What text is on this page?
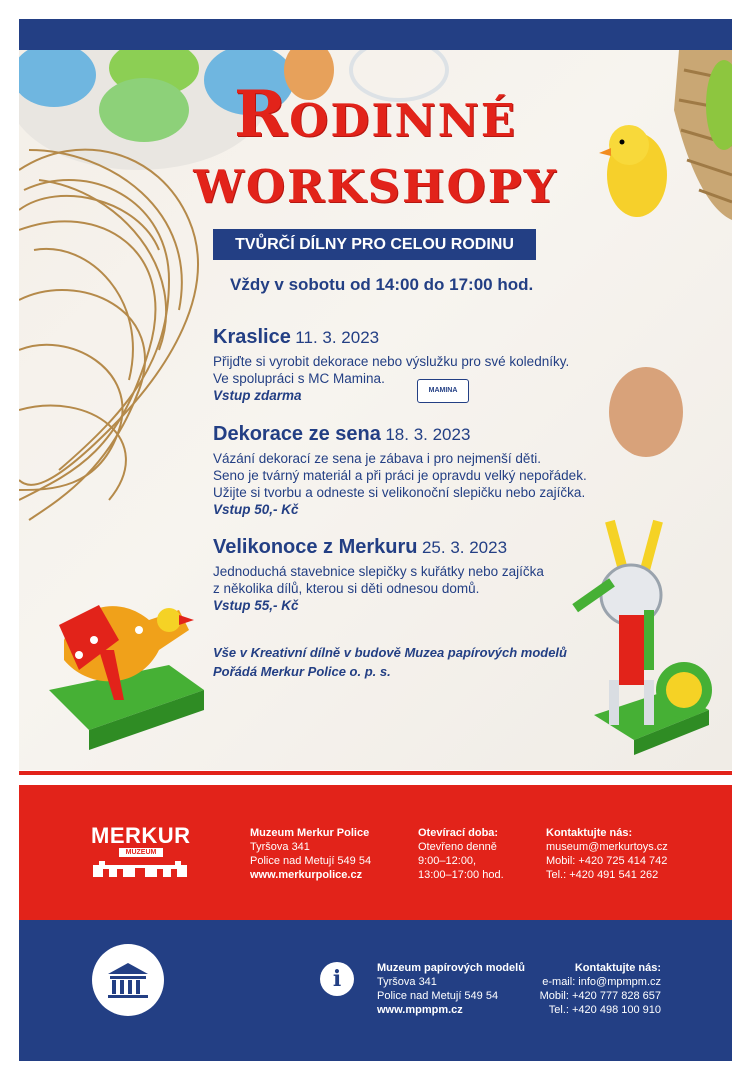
Kraslice 11. 3. 2023
Přijďte si vyrobit dekorace nebo výslužku pro své koledníky.
Ve spolupráci s MC Mamina.
Vstup zdarma	MAMINA
Dekorace ze sena 18. 3. 2023
Vázání dekorací ze sena je zábava i pro nejmenší děti.
Seno je tvárný materiál a při práci je opravdu velký nepořádek.
Užijte si tvorbu a odneste si velikonoční slepičku nebo zajíčka.
Vstup 50,- Kč
Velikonoce z Merkuru 25. 3. 2023
Jednoduchá stavebnice slepičky s kuřátky nebo zajíčka
z několika dílů, kterou si děti odnesou domů.
Vstup 55,- Kč
Rodinné
workshopy
TVŮRČÍ DÍLNY PRO CELOU RODINU
Vždy v sobotu od 14:00 do 17:00 hod.
Vše v Kreativní dílně v budově Muzea papírových modelů
Pořádá Merkur Police o. p. s.
MERKUR
MUZEUM
Muzeum Merkur Police
Tyršova 341
Police nad Metují 549 54
www.merkurpolice.cz
Otevírací doba:
Otevřeno denně
9:00–12:00,
13:00–17:00 hod.
Kontaktujte nás:
museum@merkurtoys.cz
Mobil: +420 725 414 742
Tel.: +420 491 541 262
i	Muzeum papírových modelů
Tyršova 341
Police nad Metují 549 54
www.mpmpm.cz
Kontaktujte nás:
e-mail: info@mpmpm.cz
Mobil: +420 777 828 657
Tel.: +420 498 100 910
